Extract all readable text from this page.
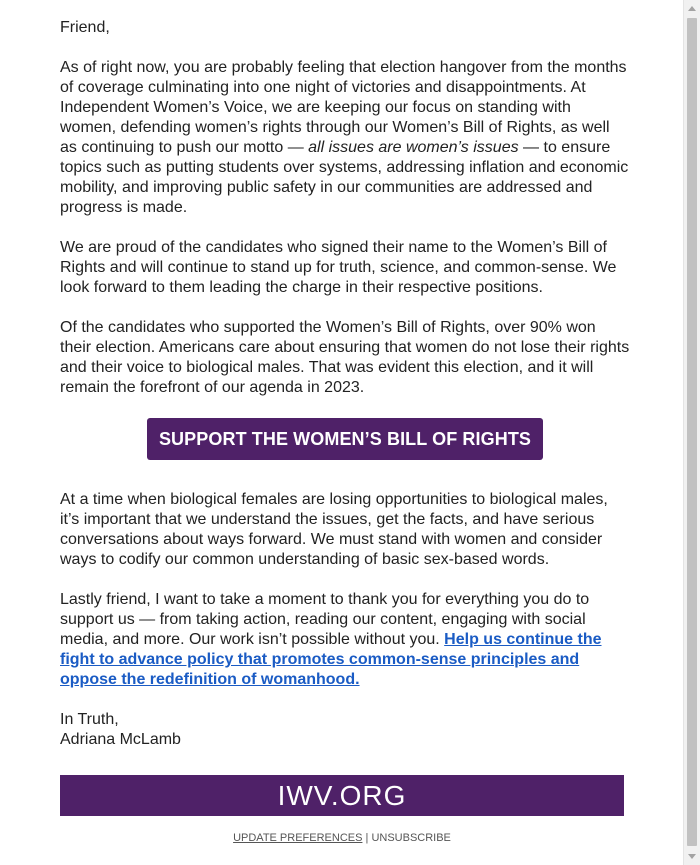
Friend,

As of right now, you are probably feeling that election hangover from the months of coverage culminating into one night of victories and disappointments. At Independent Women’s Voice, we are keeping our focus on standing with women, defending women’s rights through our Women’s Bill of Rights, as well as continuing to push our motto — all issues are women’s issues — to ensure topics such as putting students over systems, addressing inflation and economic mobility, and improving public safety in our communities are addressed and progress is made.

We are proud of the candidates who signed their name to the Women’s Bill of Rights and will continue to stand up for truth, science, and common-sense. We look forward to them leading the charge in their respective positions.

Of the candidates who supported the Women’s Bill of Rights, over 90% won their election. Americans care about ensuring that women do not lose their rights and their voice to biological males. That was evident this election, and it will remain the forefront of our agenda in 2023.

SUPPORT THE WOMEN’S BILL OF RIGHTS

At a time when biological females are losing opportunities to biological males, it’s important that we understand the issues, get the facts, and have serious conversations about ways forward. We must stand with women and consider ways to codify our common understanding of basic sex-based words.

Lastly friend, I want to take a moment to thank you for everything you do to support us — from taking action, reading our content, engaging with social media, and more. Our work isn’t possible without you. Help us continue the fight to advance policy that promotes common-sense principles and oppose the redefinition of womanhood.

In Truth,
Adriana McLamb

IWV.ORG
UPDATE PREFERENCES | UNSUBSCRIBE
